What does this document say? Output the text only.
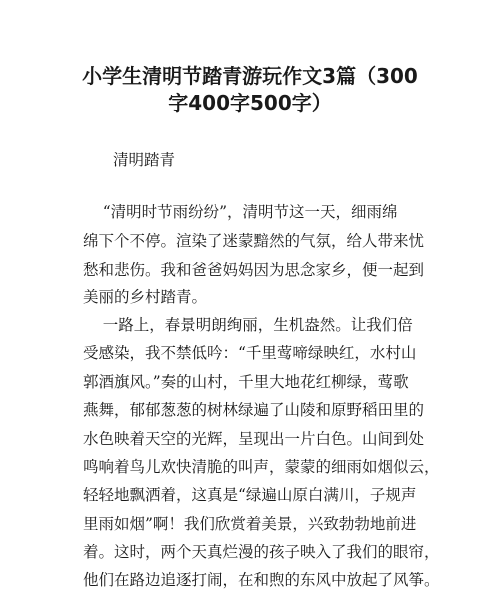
小学生清明节踏青游玩作文3篇（300
字400字500字）
清明踏青
“清明时节雨纷纷”，清明节这一天，细雨绵
绵下个不停。渲染了迷蒙黯然的气氛，给人带来忧
愁和悲伤。我和爸爸妈妈因为思念家乡，便一起到
美丽的乡村踏青。
一路上，春景明朗绚丽，生机盎然。让我们倍
受感染，我不禁低吟：“千里莺啼绿映红，水村山
郭酒旗风。”奏的山村，千里大地花红柳绿，莺歌
燕舞，郁郁葱葱的树林绿遍了山陵和原野稻田里的
水色映着天空的光辉，呈现出一片白色。山间到处
鸣响着鸟儿欢快清脆的叫声，蒙蒙的细雨如烟似云，
轻轻地飘洒着，这真是“绿遍山原白满川，子规声
里雨如烟”啊！我们欣赏着美景，兴致勃勃地前进
着。这时，两个天真烂漫的孩子映入了我们的眼帘，
他们在路边追逐打闹，在和煦的东风中放起了风筝。
